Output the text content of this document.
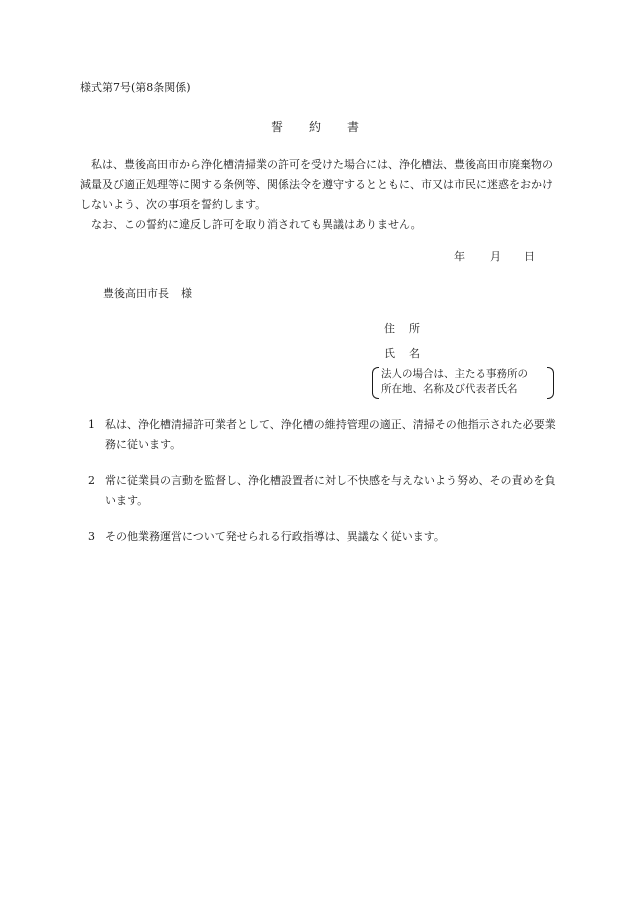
様式第7号(第8条関係)
誓 約 書

　私は、豊後高田市から浄化槽清掃業の許可を受けた場合には、浄化槽法、豊後高田市廃棄物の減量及び適正処理等に関する条例等、関係法令を遵守するとともに、市又は市民に迷惑をおかけしないよう、次の事項を誓約します。

　なお、この誓約に違反し許可を取り消されても異議はありません。

年 月 日
豊後高田市長 様
住 所
氏 名
法人の場合は、主たる事務所の
所在地、名称及び代表者氏名
1 私は、浄化槽清掃許可業者として、浄化槽の維持管理の適正、清掃その他指示された必要業務に従います。
2 常に従業員の言動を監督し、浄化槽設置者に対し不快感を与えないよう努め、その責めを負います。
3 その他業務運営について発せられる行政指導は、異議なく従います。
